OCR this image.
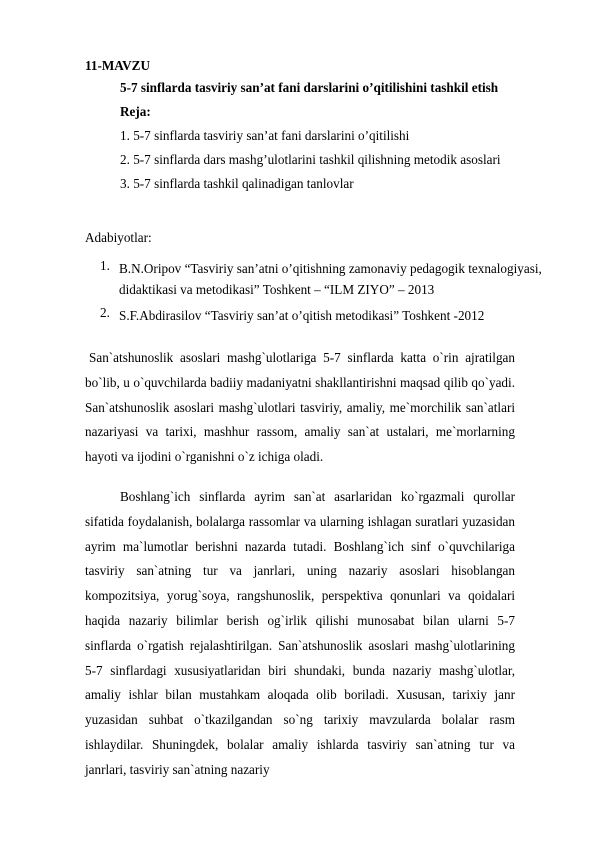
11-MAVZU
5-7 sinflarda tasviriy san’at fani darslarini o’qitilishini tashkil etish
Reja:
1. 5-7 sinflarda tasviriy san’at fani darslarini o’qitilishi
2. 5-7 sinflarda dars mashg’ulotlarini tashkil qilishning metodik asoslari
3. 5-7 sinflarda tashkil qalinadigan tanlovlar
Adabiyotlar:
1. B.N.Oripov “Tasviriy san’atni o’qitishning zamonaviy pedagogik texnalogiyasi, didaktikasi va metodikasi” Toshkent – “ILM ZIYO” – 2013
2. S.F.Abdirasilov “Tasviriy san’at o’qitish metodikasi” Toshkent -2012
San`atshunoslik asoslari mashg`ulotlariga 5-7 sinflarda katta o`rin ajratilgan bo`lib, u o`quvchilarda badiiy madaniyatni shakllantirishni maqsad qilib qo`yadi. San`atshunoslik asoslari mashg`ulotlari tasviriy, amaliy, me`morchilik san`atlari nazariyasi va tarixi, mashhur rassom, amaliy san`at ustalari, me`morlarning hayoti va ijodini o`rganishni o`z ichiga oladi.
Boshlang`ich sinflarda ayrim san`at asarlaridan ko`rgazmali qurollar sifatida foydalanish, bolalarga rassomlar va ularning ishlagan suratlari yuzasidan ayrim ma`lumotlar berishni nazarda tutadi. Boshlang`ich sinf o`quvchilariga tasviriy san`atning tur va janrlari, uning nazariy asoslari hisoblangan kompozitsiya, yorug`soya, rangshunoslik, perspektiva qonunlari va qoidalari haqida nazariy bilimlar berish og`irlik qilishi munosabat bilan ularni 5-7 sinflarda o`rgatish rejalashtirilgan. San`atshunoslik asoslari mashg`ulotlarining 5-7 sinflardagi xususiyatlaridan biri shundaki, bunda nazariy mashg`ulotlar, amaliy ishlar bilan mustahkam aloqada olib boriladi. Xususan, tarixiy janr yuzasidan suhbat o`tkazilgandan so`ng tarixiy mavzularda bolalar rasm ishlaydilar. Shuningdek, bolalar amaliy ishlarda tasviriy san`atning tur va janrlari, tasviriy san`atning nazariy
